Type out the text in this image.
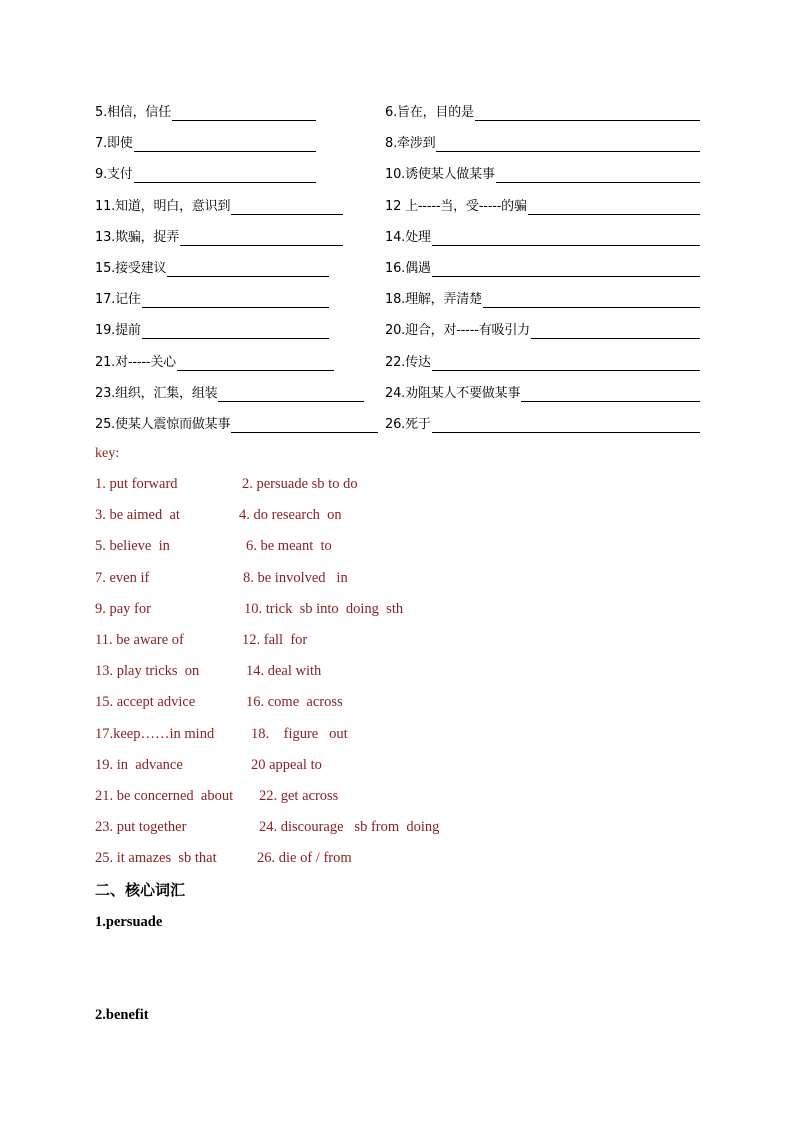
5.相信，信任	6.旨在，目的是
7.即使	8.牵涉到
9.支付	10.诱使某人做某事
11.知道，明白，意识到	12 上-----当，受-----的骗
13.欺骗，捉弄	14.处理
15.接受建议	16.偶遇
17.记住	18.理解，弄清楚
19.提前	20.迎合，对-----有吸引力
21.对-----关心	22.传达
23.组织，汇集，组装	24.劝阻某人不要做某事
25.使某人震惊而做某事	26.死于
key:
1. put forward	2. persuade sb to do
3. be aimed  at	4. do research  on
5. believe  in	6. be meant  to
7. even if	8. be involved   in
9. pay for	10. trick  sb into  doing  sth
11. be aware of	12. fall  for
13. play tricks  on	14. deal with
15. accept advice	16. come  across
17.keep……in mind	18.    figure   out
19. in  advance	20 appeal to
21. be concerned  about 22. get across
23. put together	24. discourage   sb from  doing
25. it amazes  sb that	26. die of / from
二、核心词汇
1.persuade
2.benefit
